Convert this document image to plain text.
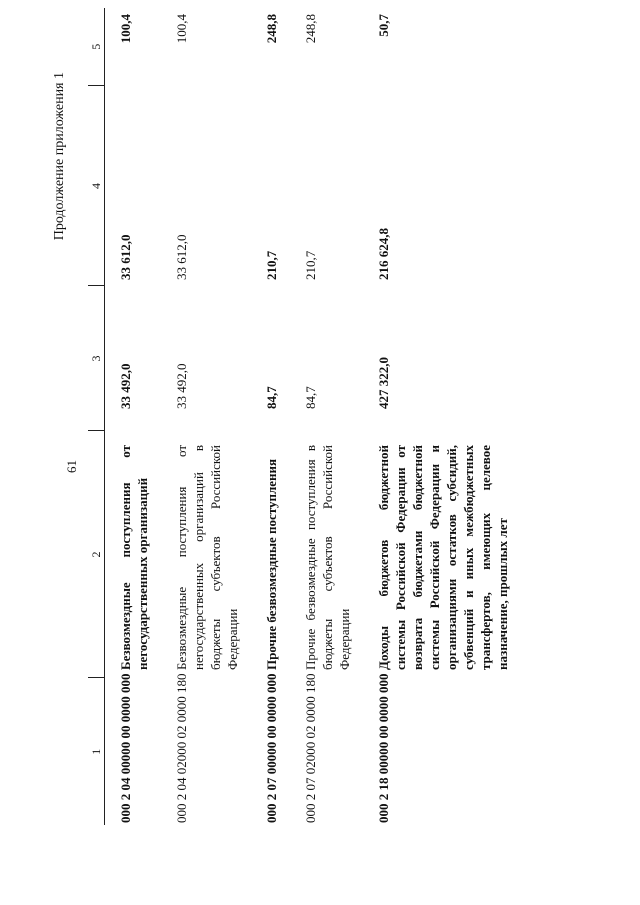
61
Продолжение приложения 1
1	2	3	4	5
000 2 04 00000 00 0000 000	Безвозмездные поступления от негосударственных организаций	33 492,0	33 612,0	100,4
000 2 04 02000 02 0000 180	Безвозмездные поступления от негосударственных организаций в бюджеты субъектов Российской Федерации	33 492,0	33 612,0	100,4
000 2 07 00000 00 0000 000	Прочие безвозмездные поступления	84,7	210,7	248,8
000 2 07 02000 02 0000 180	Прочие безвозмездные поступления в бюджеты субъектов Российской Федерации	84,7	210,7	248,8
000 2 18 00000 00 0000 000	Доходы бюджетов бюджетной системы Российской Федерации от возврата бюджетами бюджетной системы Российской Федерации и организациями остатков субсидий, субвенций и иных межбюджетных трансфертов, имеющих целевое назначение, прошлых лет	427 322,0	216 624,8	50,7
